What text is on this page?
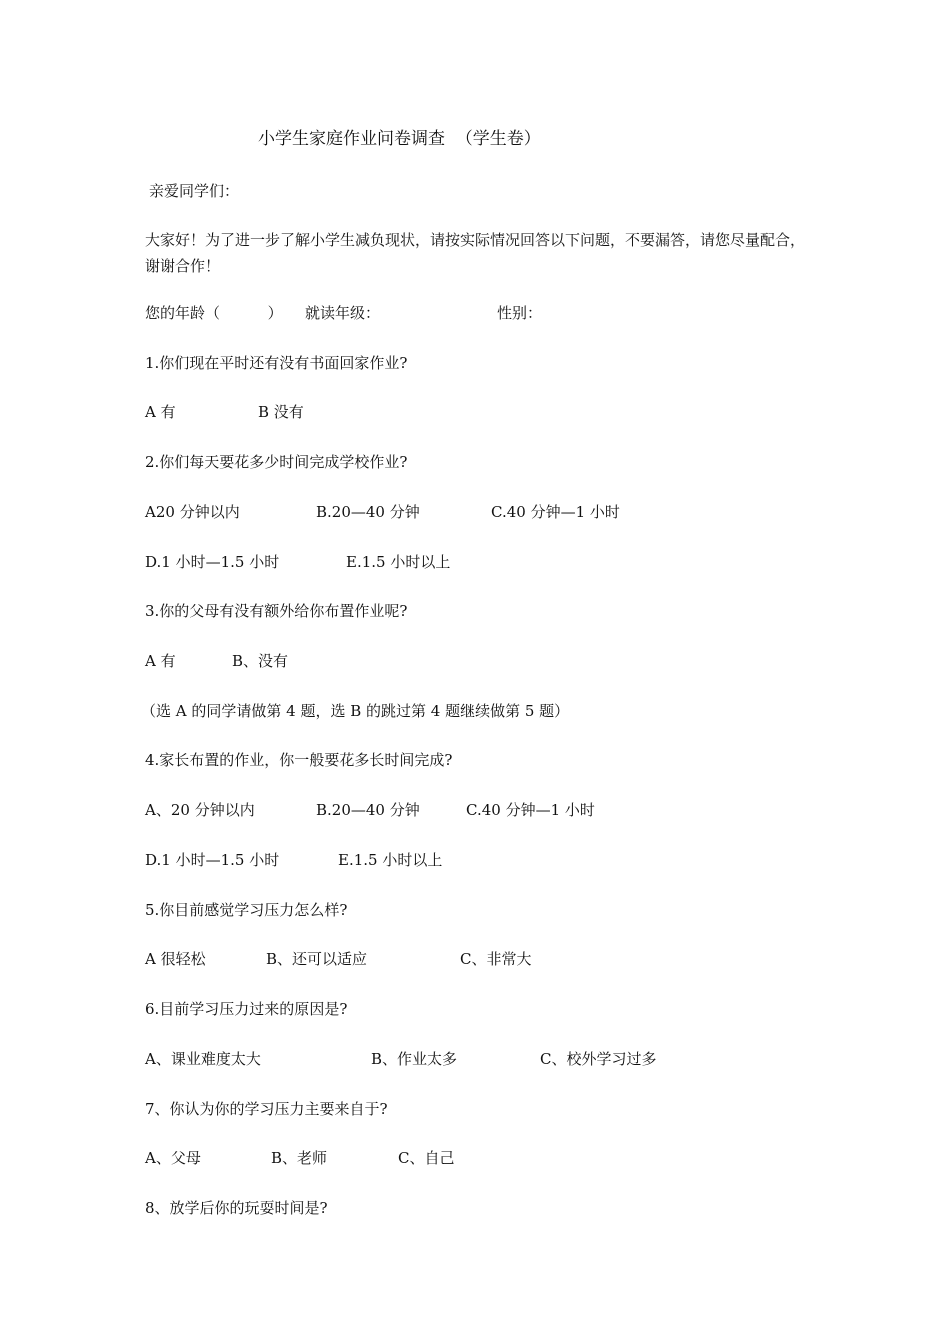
小学生家庭作业问卷调查  （学生卷）
亲爱同学们：
大家好！为了进一步了解小学生减负现状，请按实际情况回答以下问题，不要漏答，请您尽量配合，谢谢合作！
您的年龄（          ） 就读年级：	性别：
1.你们现在平时还有没有书面回家作业?
A 有	B 没有
2.你们每天要花多少时间完成学校作业?
A20 分钟以内	B.20—40 分钟	C.40 分钟—1 小时
D.1 小时—1.5 小时	E.1.5 小时以上
3.你的父母有没有额外给你布置作业呢?
A 有	B、没有
（选 A 的同学请做第 4 题，选 B 的跳过第 4 题继续做第 5 题）
4.家长布置的作业，你一般要花多长时间完成?
A、20 分钟以内	B.20—40 分钟	C.40 分钟—1 小时
D.1 小时—1.5 小时	E.1.5 小时以上
5.你目前感觉学习压力怎么样?
A 很轻松	B、还可以适应	C、非常大
6.目前学习压力过来的原因是?
A、课业难度太大	B、作业太多	C、校外学习过多
7、你认为你的学习压力主要来自于?
A、父母	B、老师	C、自己
8、放学后你的玩耍时间是?
